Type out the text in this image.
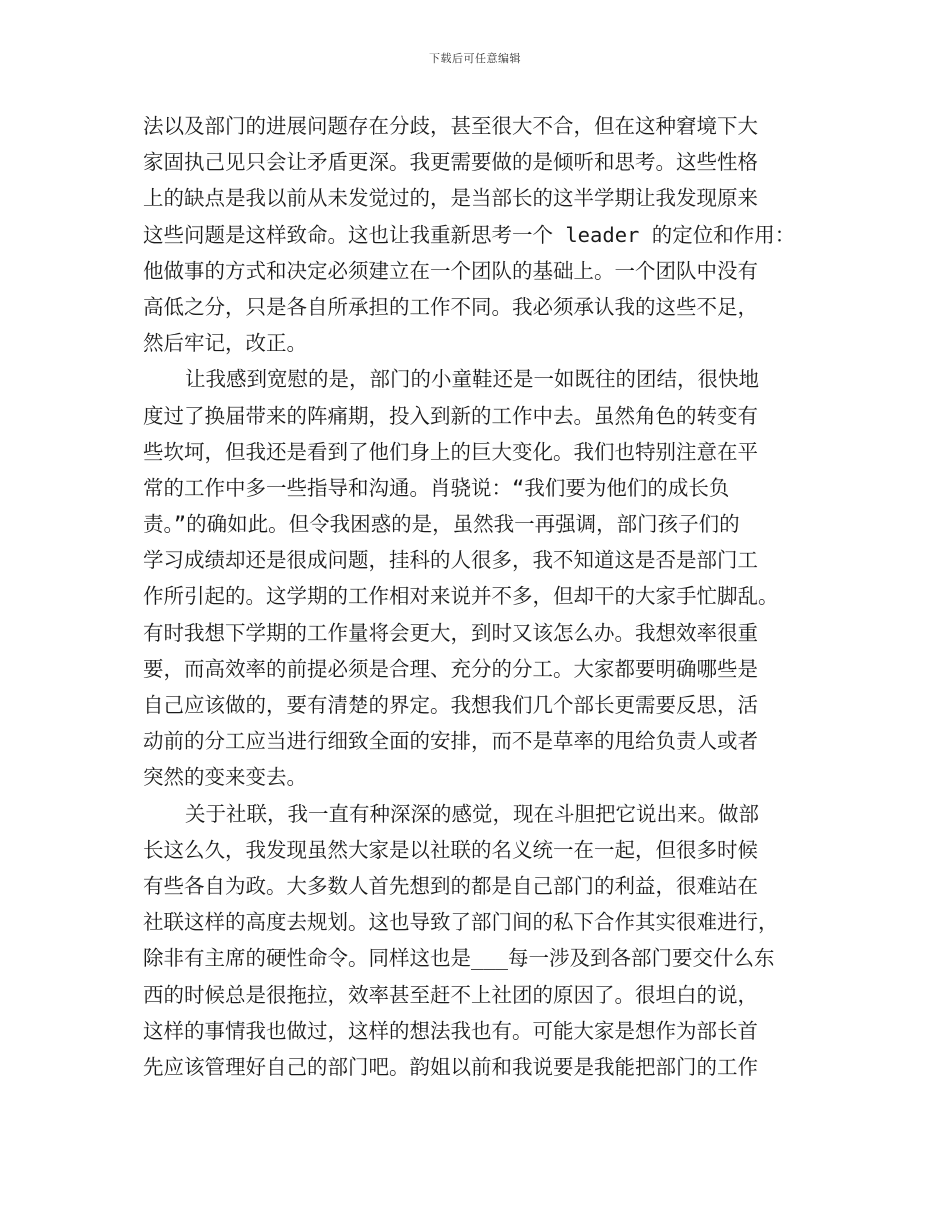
下载后可任意编辑
法以及部门的进展问题存在分歧，甚至很大不合，但在这种窘境下大
家固执己见只会让矛盾更深。我更需要做的是倾听和思考。这些性格
上的缺点是我以前从未发觉过的，是当部长的这半学期让我发现原来
这些问题是这样致命。这也让我重新思考一个 leader 的定位和作用：
他做事的方式和决定必须建立在一个团队的基础上。一个团队中没有
高低之分，只是各自所承担的工作不同。我必须承认我的这些不足，
然后牢记，改正。
让我感到宽慰的是，部门的小童鞋还是一如既往的团结，很快地
度过了换届带来的阵痛期，投入到新的工作中去。虽然角色的转变有
些坎坷，但我还是看到了他们身上的巨大变化。我们也特别注意在平
常的工作中多一些指导和沟通。肖骁说：“我们要为他们的成长负
责。”的确如此。但令我困惑的是，虽然我一再强调，部门孩子们的
学习成绩却还是很成问题，挂科的人很多，我不知道这是否是部门工
作所引起的。这学期的工作相对来说并不多，但却干的大家手忙脚乱。
有时我想下学期的工作量将会更大，到时又该怎么办。我想效率很重
要，而高效率的前提必须是合理、充分的分工。大家都要明确哪些是
自己应该做的，要有清楚的界定。我想我们几个部长更需要反思，活
动前的分工应当进行细致全面的安排，而不是草率的甩给负责人或者
突然的变来变去。
关于社联，我一直有种深深的感觉，现在斗胆把它说出来。做部
长这么久，我发现虽然大家是以社联的名义统一在一起，但很多时候
有些各自为政。大多数人首先想到的都是自己部门的利益，很难站在
社联这样的高度去规划。这也导致了部门间的私下合作其实很难进行，
除非有主席的硬性命令。同样这也是___每一涉及到各部门要交什么东
西的时候总是很拖拉，效率甚至赶不上社团的原因了。很坦白的说，
这样的事情我也做过，这样的想法我也有。可能大家是想作为部长首
先应该管理好自己的部门吧。韵姐以前和我说要是我能把部门的工作
